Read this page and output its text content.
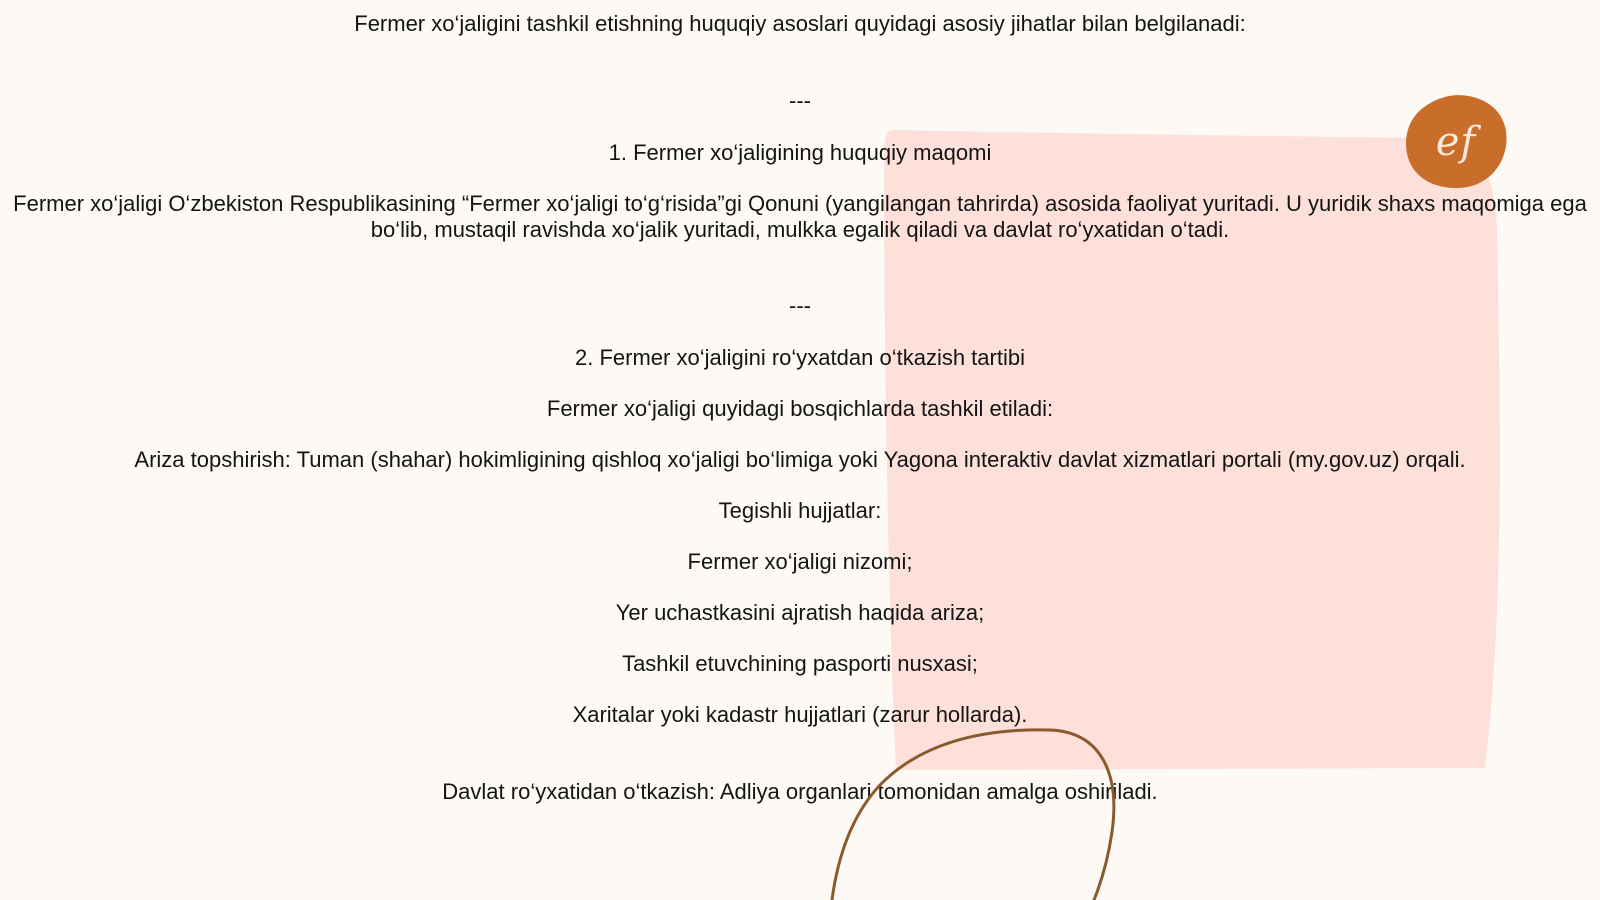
ef
Fermer xo‘jaligini tashkil etishning huquqiy asoslari quyidagi asosiy jihatlar bilan belgilanadi:
---
1. Fermer xo‘jaligining huquqiy maqomi
Fermer xo‘jaligi O‘zbekiston Respublikasining “Fermer xo‘jaligi to‘g‘risida”gi Qonuni (yangilangan tahrirda) asosida faoliyat yuritadi. U yuridik shaxs maqomiga ega bo‘lib, mustaqil ravishda xo‘jalik yuritadi, mulkka egalik qiladi va davlat ro‘yxatidan o‘tadi.
---
2. Fermer xo‘jaligini ro‘yxatdan o‘tkazish tartibi
Fermer xo‘jaligi quyidagi bosqichlarda tashkil etiladi:
Ariza topshirish: Tuman (shahar) hokimligining qishloq xo‘jaligi bo‘limiga yoki Yagona interaktiv davlat xizmatlari portali (my.gov.uz) orqali.
Tegishli hujjatlar:
Fermer xo‘jaligi nizomi;
Yer uchastkasini ajratish haqida ariza;
Tashkil etuvchining pasporti nusxasi;
Xaritalar yoki kadastr hujjatlari (zarur hollarda).
Davlat ro‘yxatidan o‘tkazish: Adliya organlari tomonidan amalga oshiriladi.
